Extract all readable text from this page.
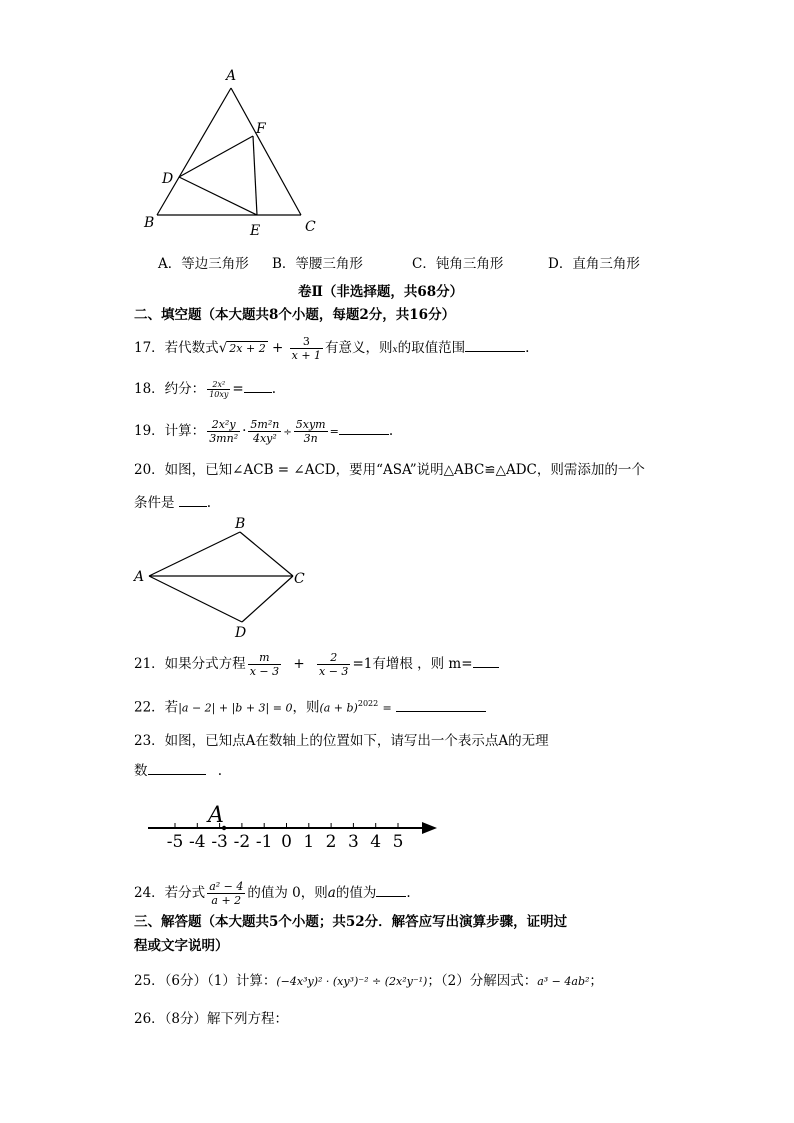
A
F
D
B	E	C
A．等边三角形 B．等腰三角形	C．钝角三角形	D．直角三角形
卷Ⅱ（非选择题，共68分）
二、填空题（本大题共8个小题，每题2分，共16分）
17．若代数式√ $2x + 2 + \frac{3}{x + 1}$ 有意义，则x的取值范围	.
18．约分： $\frac{\text{2x²}}{10xy}$ = .
19．计算： $\frac{\text{2x²y}}{\text{3mn²}} \cdot \frac{\text{5m²n}}{\text{4xy²}} \div \frac{\text{5xym}}{3n}$ =	.
20．如图，已知∠ACB = ∠ACD，要用“ASA”说明△ABC≌△ADC，则需添加的一个
条件是 .
B
A	C
D
21．如果分式方程 $\frac{m}{x - 3} + \frac{2}{x - 3} =1$有增根 ，则 m=
22．若|a − 2| + |b + 3| = 0，则$(a + b)^{2022}$ =
23．如图，已知点A在数轴上的位置如下，请写出一个表示点A的无理
数	.
-5 -4 -3 -2 -1 0 1 2 3 4 5
A
24．若分式 $\frac{\text{a² − 4}}{a + 2}$ 的值为 0，则a的值为 .
三、解答题（本大题共5个小题；共52分．解答应写出演算步骤，证明过
程或文字说明）
25．（6分）（1）计算：(−4x³y)² · (xy³)⁻² ÷ (2x²y⁻¹)；（2）分解因式：a³ − 4ab²；
26．（8分）解下列方程：
